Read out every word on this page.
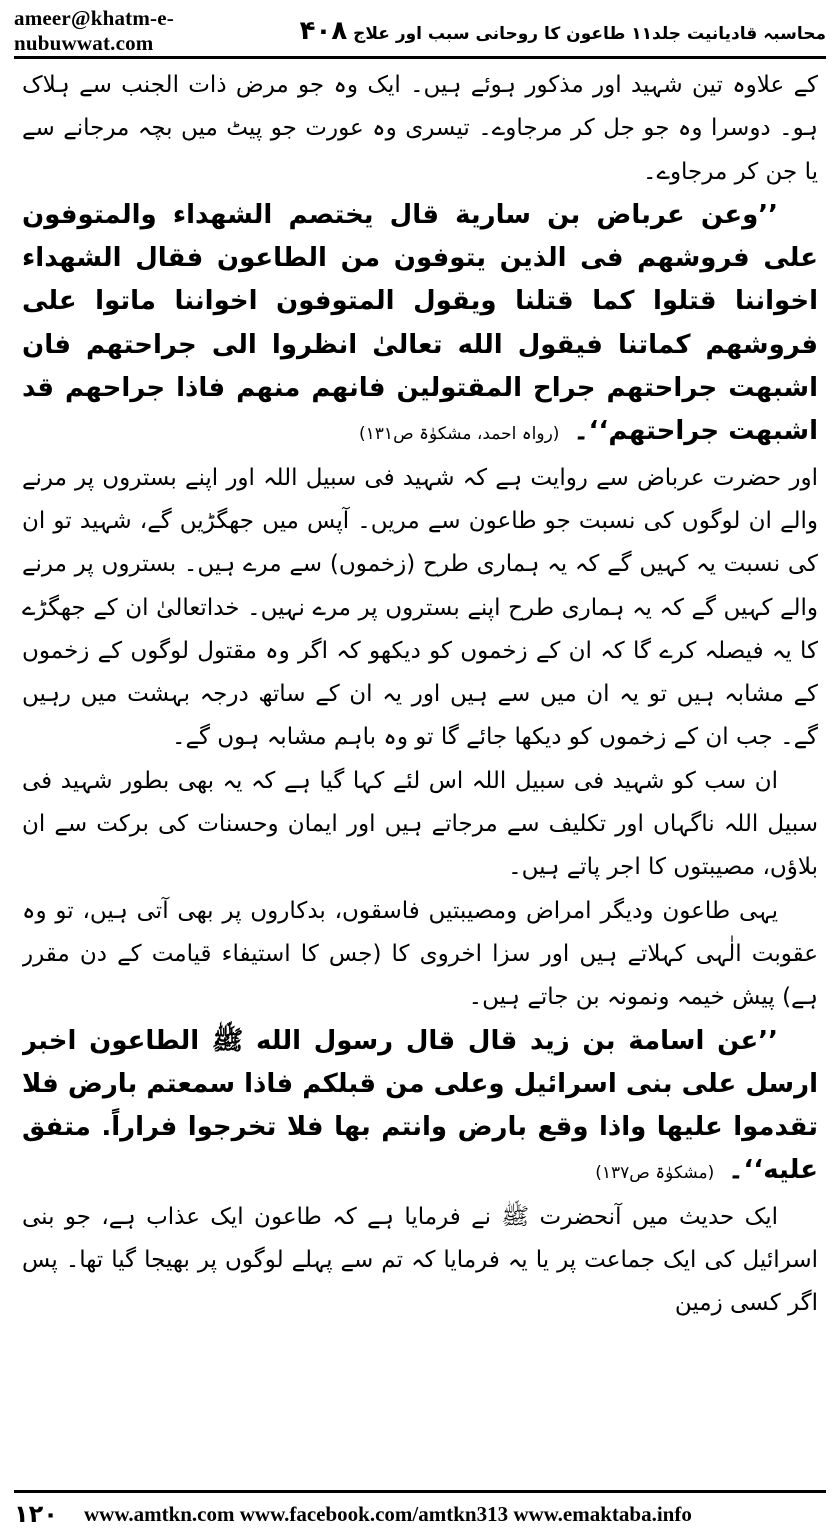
ameer@khatm-e-nubuwwat.com	محاسبہ قادیانیت جلد۱۱ طاعون کا روحانی سبب اور علاج ۴۰۸

کے علاوہ تین شہید اور مذکور ہوئے ہیں۔ ایک وہ جو مرض ذات الجنب سے ہلاک ہو۔ دوسرا وہ جو جل کر مرجاوے۔ تیسری وہ عورت جو پیٹ میں بچہ مرجانے سے یا جن کر مرجاوے۔

’’وعن عرباض بن سارية قال يختصم الشهداء والمتوفون على فروشهم فى الذين يتوفون من الطاعون فقال الشهداء اخواننا قتلوا كما قتلنا ويقول المتوفون اخواننا ماتوا على فروشهم كماتنا فيقول الله تعالىٰ انظروا الى جراحتهم فان اشبهت جراحتهم جراح المقتولين فانهم منهم فاذا جراحهم قد اشبهت جراحتهم‘‘۔(رواہ احمد، مشکوٰۃ ص۱۳۱)

اور حضرت عرباض سے روایت ہے کہ شہید فی سبیل اللہ اور اپنے بستروں پر مرنے والے ان لوگوں کی نسبت جو طاعون سے مریں۔ آپس میں جھگڑیں گے، شہید تو ان کی نسبت یہ کہیں گے کہ یہ ہماری طرح (زخموں) سے مرے ہیں۔ بستروں پر مرنے والے کہیں گے کہ یہ ہماری طرح اپنے بستروں پر مرے نہیں۔ خداتعالیٰ ان کے جھگڑے کا یہ فیصلہ کرے گا کہ ان کے زخموں کو دیکھو کہ اگر وہ مقتول لوگوں کے زخموں کے مشابہ ہیں تو یہ ان میں سے ہیں اور یہ ان کے ساتھ درجہ بہشت میں رہیں گے۔ جب ان کے زخموں کو دیکھا جائے گا تو وہ باہم مشابہ ہوں گے۔

ان سب کو شہید فی سبیل اللہ اس لئے کہا گیا ہے کہ یہ بھی بطور شہید فی سبیل اللہ ناگہاں اور تکلیف سے مرجاتے ہیں اور ایمان وحسنات کی برکت سے ان بلاؤں، مصیبتوں کا اجر پاتے ہیں۔

یہی طاعون ودیگر امراض ومصیبتیں فاسقوں، بدکاروں پر بھی آتی ہیں، تو وہ عقوبت الٰہی کہلاتے ہیں اور سزا اخروی کا (جس کا استیفاء قیامت کے دن مقرر ہے) پیش خیمہ ونمونہ بن جاتے ہیں۔

’’عن اسامة بن زيد قال قال رسول الله ﷺ الطاعون اخبر ارسل على بنى اسرائيل وعلى من قبلكم فاذا سمعتم بارض فلا تقدموا عليها واذا وقع بارض وانتم بها فلا تخرجوا فراراً. متفق عليه‘‘۔(مشکوٰۃ ص۱۳۷)

ایک حدیث میں آنحضرت ﷺ نے فرمایا ہے کہ طاعون ایک عذاب ہے، جو بنی اسرائیل کی ایک جماعت پر یا یہ فرمایا کہ تم سے پہلے لوگوں پر بھیجا گیا تھا۔ پس اگر کسی زمین

۱۲۰	www.amtkn.com www.facebook.com/amtkn313 www.emaktaba.info
